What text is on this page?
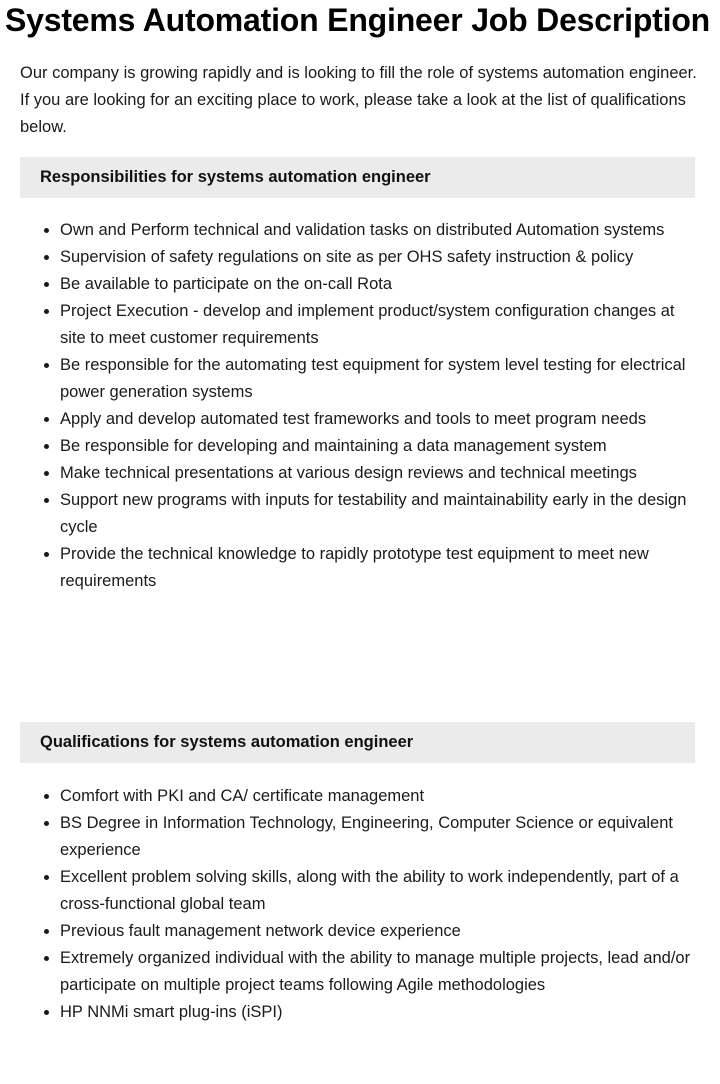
Systems Automation Engineer Job Description

Our company is growing rapidly and is looking to fill the role of systems automation engineer. If you are looking for an exciting place to work, please take a look at the list of qualifications below.

Responsibilities for systems automation engineer
• Own and Perform technical and validation tasks on distributed Automation systems
• Supervision of safety regulations on site as per OHS safety instruction & policy
• Be available to participate on the on-call Rota
• Project Execution - develop and implement product/system configuration changes at site to meet customer requirements
• Be responsible for the automating test equipment for system level testing for electrical power generation systems
• Apply and develop automated test frameworks and tools to meet program needs
• Be responsible for developing and maintaining a data management system
• Make technical presentations at various design reviews and technical meetings
• Support new programs with inputs for testability and maintainability early in the design cycle
• Provide the technical knowledge to rapidly prototype test equipment to meet new requirements
Qualifications for systems automation engineer
• Comfort with PKI and CA/ certificate management
• BS Degree in Information Technology, Engineering, Computer Science or equivalent experience
• Excellent problem solving skills, along with the ability to work independently, part of a cross-functional global team
• Previous fault management network device experience
• Extremely organized individual with the ability to manage multiple projects, lead and/or participate on multiple project teams following Agile methodologies
• HP NNMi smart plug-ins (iSPI)
